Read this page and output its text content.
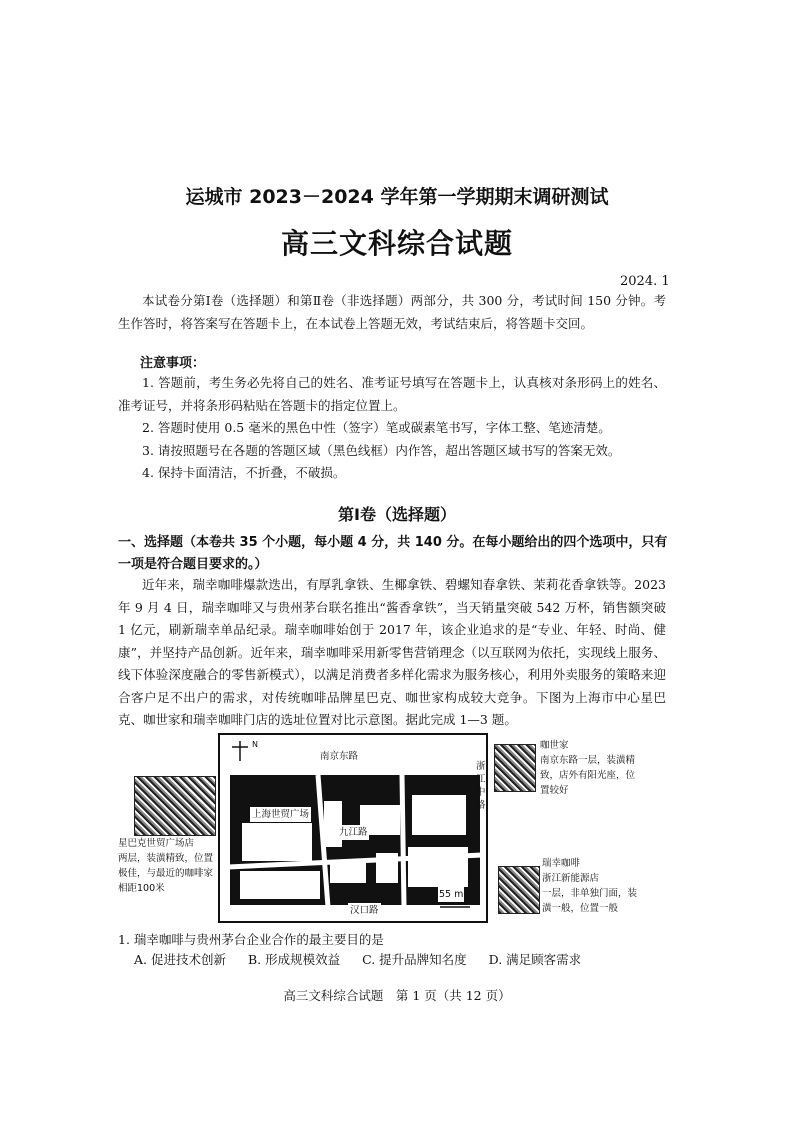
运城市 2023－2024 学年第一学期期末调研测试
高三文科综合试题
2024. 1
本试卷分第Ⅰ卷（选择题）和第Ⅱ卷（非选择题）两部分，共 300 分，考试时间 150 分钟。考生作答时，将答案写在答题卡上，在本试卷上答题无效，考试结束后，将答题卡交回。
注意事项：

1. 答题前，考生务必先将自己的姓名、准考证号填写在答题卡上，认真核对条形码上的姓名、准考证号，并将条形码粘贴在答题卡的指定位置上。

2. 答题时使用 0.5 毫米的黑色中性（签字）笔或碳素笔书写，字体工整、笔迹清楚。

3. 请按照题号在各题的答题区域（黑色线框）内作答，超出答题区域书写的答案无效。

4. 保持卡面清洁，不折叠，不破损。

第Ⅰ卷（选择题）
一、选择题（本卷共 35 个小题，每小题 4 分，共 140 分。在每小题给出的四个选项中，只有一项是符合题目要求的。）

近年来，瑞幸咖啡爆款迭出，有厚乳拿铁、生椰拿铁、碧螺知春拿铁、茉莉花香拿铁等。2023 年 9 月 4 日，瑞幸咖啡又与贵州茅台联名推出“酱香拿铁”，当天销量突破 542 万杯，销售额突破 1 亿元，刷新瑞幸单品纪录。瑞幸咖啡始创于 2017 年，该企业追求的是“专业、年轻、时尚、健康”，并坚持产品创新。近年来，瑞幸咖啡采用新零售营销理念（以互联网为依托，实现线上服务、线下体验深度融合的零售新模式），以满足消费者多样化需求为服务核心，利用外卖服务的策略来迎合客户足不出户的需求，对传统咖啡品牌星巴克、咖世家构成较大竞争。下图为上海市中心星巴克、咖世家和瑞幸咖啡门店的选址位置对比示意图。据此完成 1—3 题。

星巴克世贸广场店
两层，装潢精致，位置
极佳，与最近的咖啡家
相距100米
N
南京东路
上海世贸广场
九江路
汉口路
55 m
浙江中路
咖世家
南京东路一层，装潢精
致，店外有阳光座，位
置较好
瑞幸咖啡
浙江新能源店
一层，非单独门面，装
潢一般，位置一般
1. 瑞幸咖啡与贵州茅台企业合作的最主要目的是
A. 促进技术创新 B. 形成规模效益 C. 提升品牌知名度 D. 满足顾客需求
高三文科综合试题　第 1 页（共 12 页）
